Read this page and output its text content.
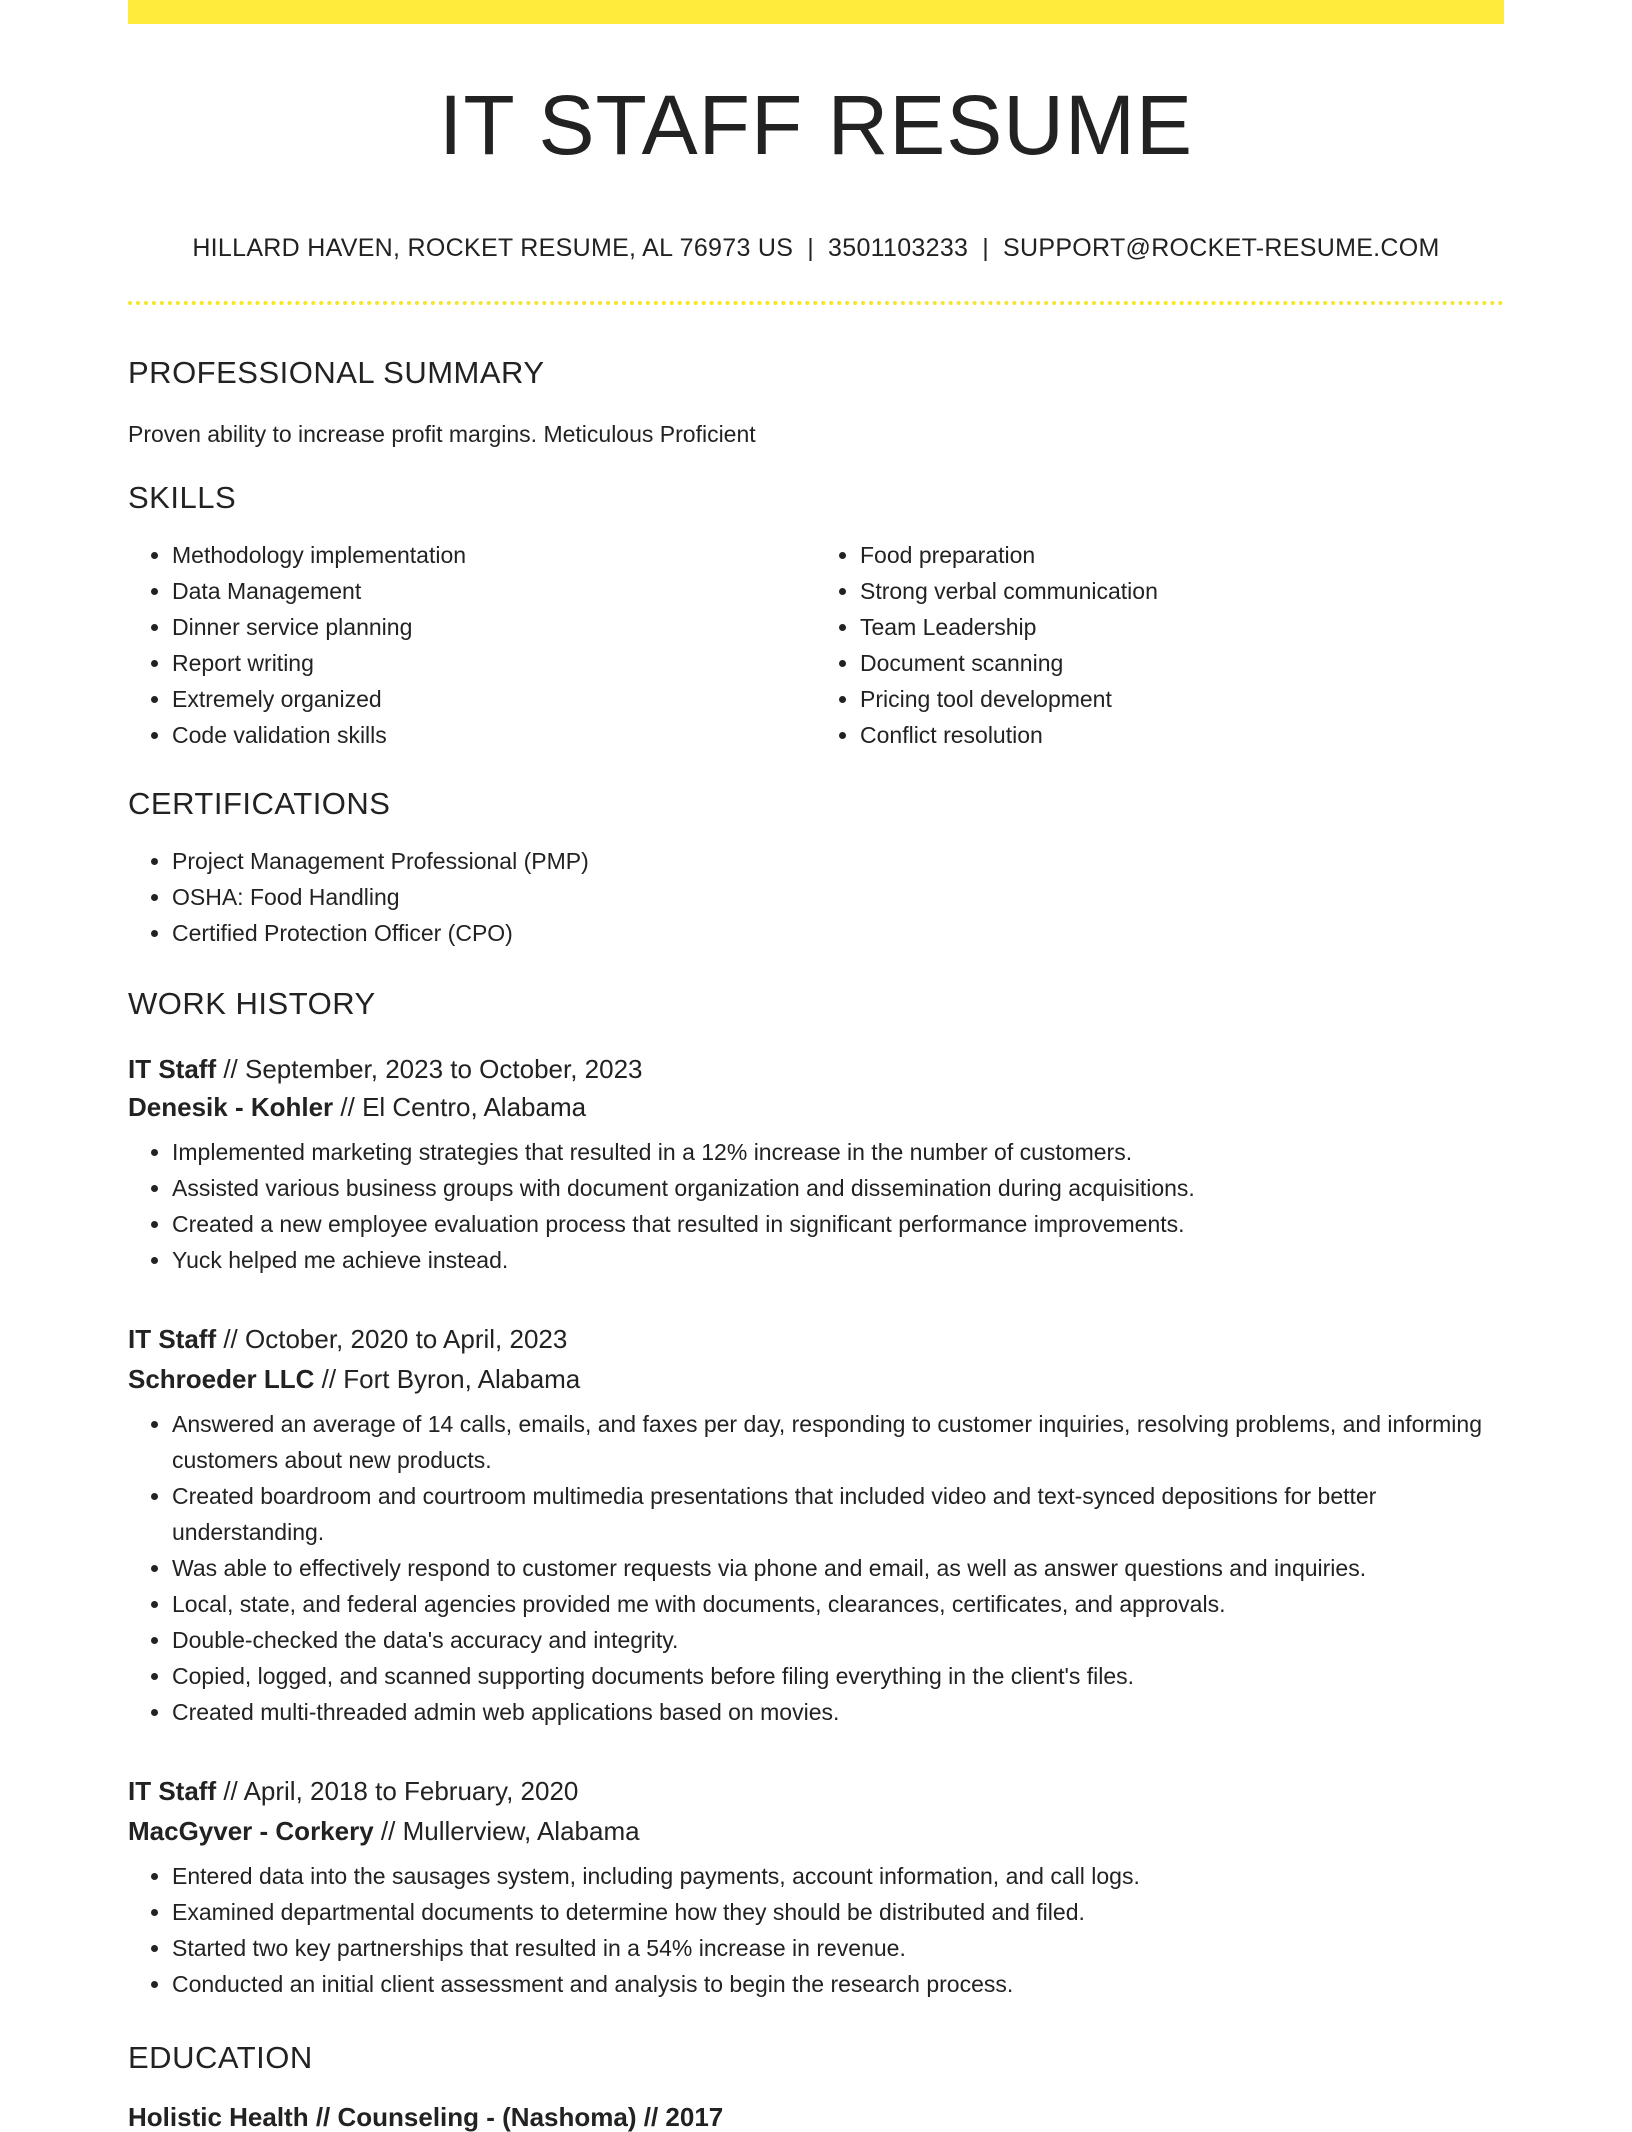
IT STAFF RESUME
HILLARD HAVEN, ROCKET RESUME, AL 76973 US | 3501103233 | SUPPORT@ROCKET-RESUME.COM
PROFESSIONAL SUMMARY

Proven ability to increase profit margins. Meticulous Proficient

SKILLS
• Methodology implementation
• Data Management
• Dinner service planning
• Report writing
• Extremely organized
• Code validation skills
• Food preparation
• Strong verbal communication
• Team Leadership
• Document scanning
• Pricing tool development
• Conflict resolution
CERTIFICATIONS
• Project Management Professional (PMP)
• OSHA: Food Handling
• Certified Protection Officer (CPO)
WORK HISTORY

IT Staff // September, 2023 to October, 2023

Denesik - Kohler // El Centro, Alabama

• Implemented marketing strategies that resulted in a 12% increase in the number of customers.
• Assisted various business groups with document organization and dissemination during acquisitions.
• Created a new employee evaluation process that resulted in significant performance improvements.
• Yuck helped me achieve instead.

IT Staff // October, 2020 to April, 2023

Schroeder LLC // Fort Byron, Alabama

• Answered an average of 14 calls, emails, and faxes per day, responding to customer inquiries, resolving problems, and informing customers about new products.
• Created boardroom and courtroom multimedia presentations that included video and text-synced depositions for better understanding.
• Was able to effectively respond to customer requests via phone and email, as well as answer questions and inquiries.
• Local, state, and federal agencies provided me with documents, clearances, certificates, and approvals.
• Double-checked the data's accuracy and integrity.
• Copied, logged, and scanned supporting documents before filing everything in the client's files.
• Created multi-threaded admin web applications based on movies.

IT Staff // April, 2018 to February, 2020

MacGyver - Corkery // Mullerview, Alabama

• Entered data into the sausages system, including payments, account information, and call logs.
• Examined departmental documents to determine how they should be distributed and filed.
• Started two key partnerships that resulted in a 54% increase in revenue.
• Conducted an initial client assessment and analysis to begin the research process.
EDUCATION

Holistic Health // Counseling - (Nashoma) // 2017
